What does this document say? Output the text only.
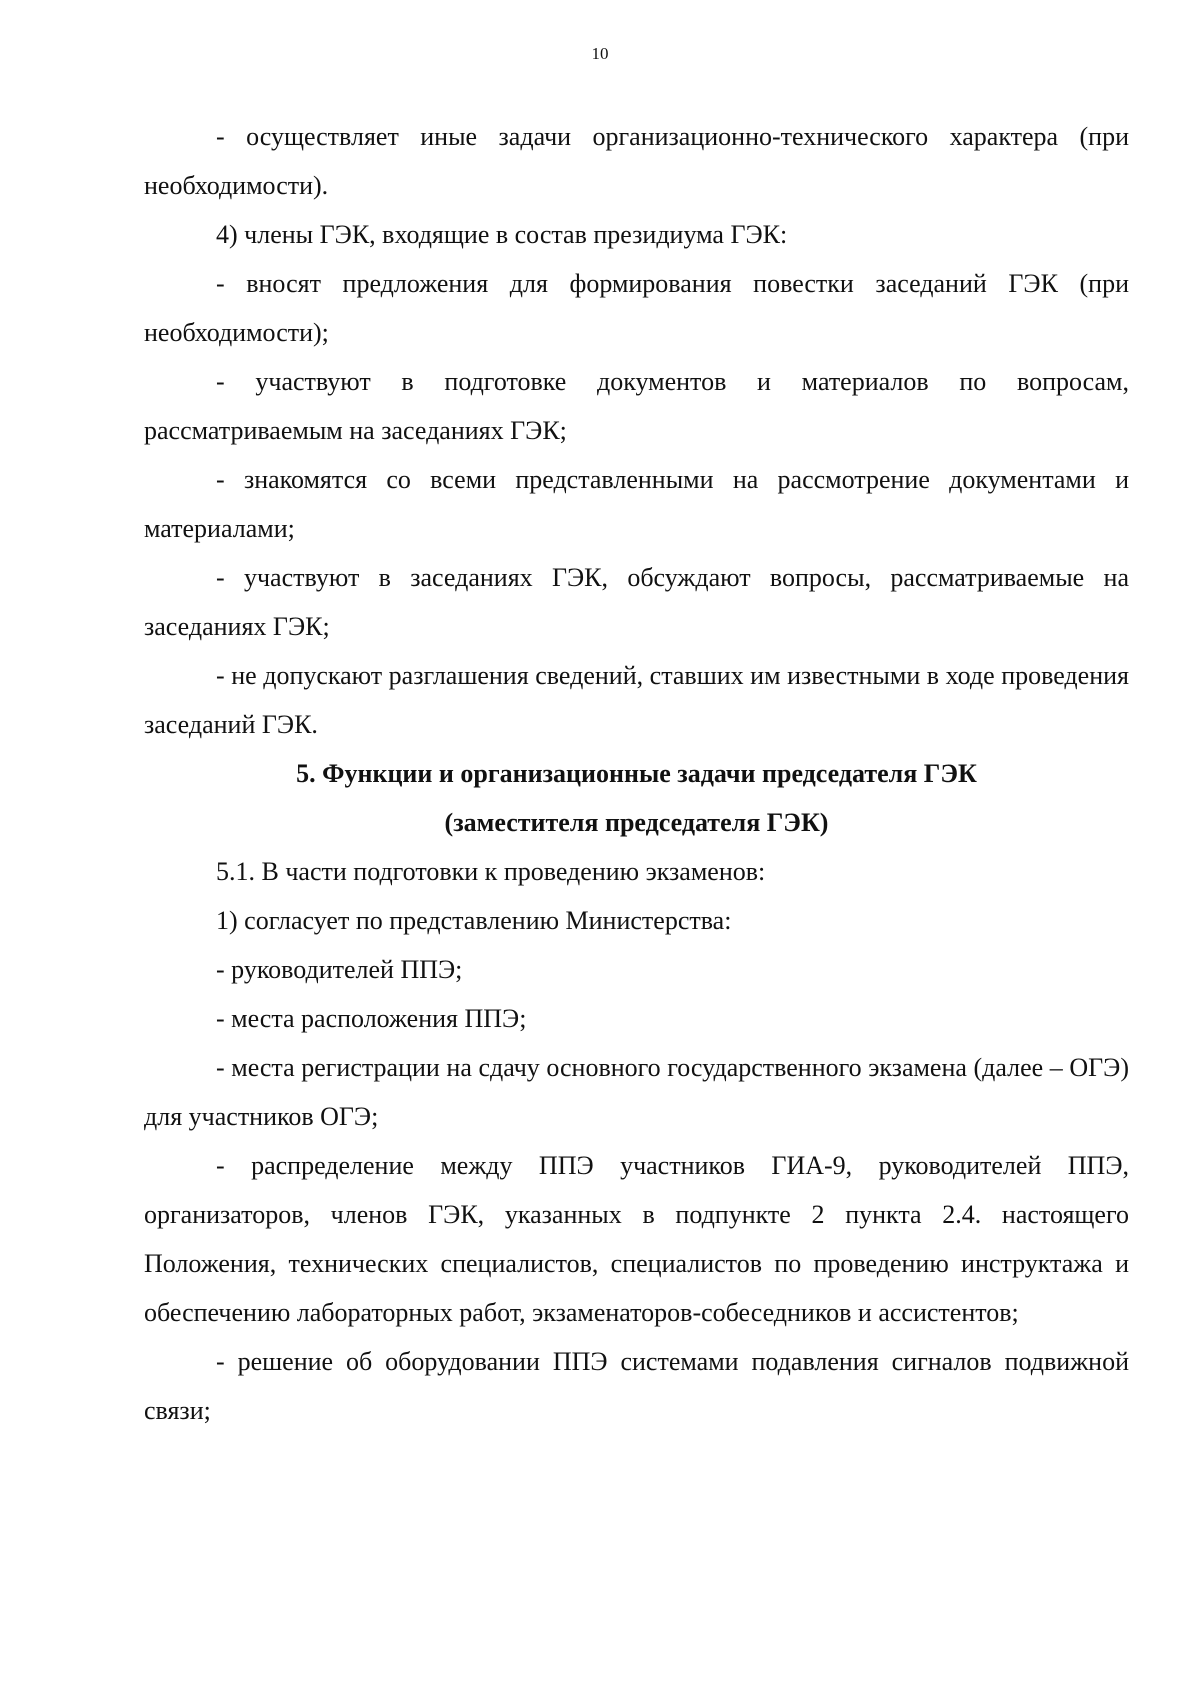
10

- осуществляет иные задачи организационно-технического характера (при необходимости).

4) члены ГЭК, входящие в состав президиума ГЭК:

- вносят предложения для формирования повестки заседаний ГЭК (при необходимости);

- участвуют в подготовке документов и материалов по вопросам, рассматриваемым на заседаниях ГЭК;

- знакомятся со всеми представленными на рассмотрение документами и материалами;

- участвуют в заседаниях ГЭК, обсуждают вопросы, рассматриваемые на заседаниях ГЭК;

- не допускают разглашения сведений, ставших им известными в ходе проведения заседаний ГЭК.

5. Функции и организационные задачи председателя ГЭК
(заместителя председателя ГЭК)

5.1. В части подготовки к проведению экзаменов:

1) согласует по представлению Министерства:

- руководителей ППЭ;

- места расположения ППЭ;

- места регистрации на сдачу основного государственного экзамена (далее – ОГЭ) для участников ОГЭ;

- распределение между ППЭ участников ГИА-9, руководителей ППЭ, организаторов, членов ГЭК, указанных в подпункте 2 пункта 2.4. настоящего Положения, технических специалистов, специалистов по проведению инструктажа и обеспечению лабораторных работ, экзаменаторов-собеседников и ассистентов;

- решение об оборудовании ППЭ системами подавления сигналов подвижной связи;
